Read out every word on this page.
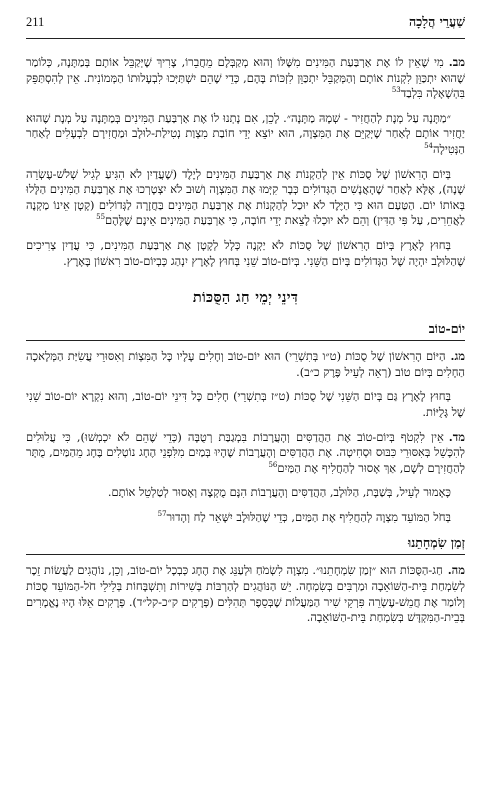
שַׁעֲרֵי הֲלָכָה
211

מב.מִי שֶׁאֵין לוֹ אֶת אַרְבַּעַת הַמִּינִים מִשֶּׁלּוֹ וְהוּא מְקַבְּלָם מֵחֲבֵרוֹ, צָרִיךְ שֶׁיְּקַבֵּל אוֹתָם בְּמַתָּנָה, כְּלוֹמַר שֶׁהוּא יִתְכַּוֵּן לִקְנוֹת אוֹתָם וְהַמְּקַבֵּל יִתְכַּוֵּן לִזְכּוֹת בָּהֶם, כְּדֵי שֶׁהֵם יִשְׁתַּיְּכוּ לִבְעָלוּתוֹ הַמְּמוֹנִית. אֵין לְהִסְתַּפֵּק בִּהְשָׁאָלָה בִּלְבַד$^{53}$

״מַתָּנָה עַל מְנָת לְהַחֲזִיר - שְׁמָהּ מַתָּנָה״. לָכֵן, אִם נָתְנוּ לוֹ אֶת אַרְבַּעַת הַמִּינִים בְּמַתָּנָה עַל מְנָת שֶׁהוּא יַחֲזִיר אוֹתָם לְאַחַר שֶׁיְּקַיֵּם אֶת הַמִּצְוָה, הוּא יוֹצֵא יְדֵי חוֹבַת מִצְוַת נְטִילַת-לוּלָב וּמַחֲזִירָם לִבְעָלִים לְאַחַר הַנְּטִילָה$^{54}$

בְּיוֹם הָרִאשׁוֹן שֶׁל סֻכּוֹת אֵין לְהַקְנוֹת אֶת אַרְבַּעַת הַמִּינִים לְיֶלֶד (שֶׁעֲדַיִן לֹא הִגִּיעַ לְגִיל שְׁלֹשׁ-עֶשְׂרֵה שָׁנָה), אֶלָּא לְאַחַר שֶׁהָאֲנָשִׁים הַגְּדוֹלִים כְּבָר קִיְּמוּ אֶת הַמִּצְוָה וְשׁוּב לֹא יִצְטָרְכוּ אֶת אַרְבַּעַת הַמִּינִים הַלָּלוּ בְּאוֹתוֹ יוֹם. הַטַּעַם הוּא כִּי הַיֶּלֶד לֹא יוּכַל לְהַקְנוֹת אֶת אַרְבַּעַת הַמִּינִים בַּחֲזָרָה לַגְּדוֹלִים (קָטָן אֵינוֹ מַקְנֶה לַאֲחֵרִים, עַל פִּי הַדִּין) וְהֵם לֹא יוּכְלוּ לָצֵאת יְדֵי חוֹבָה, כִּי אַרְבַּעַת הַמִּינִים אֵינָם שֶׁלָּהֶם$^{55}$

בְּחוּץ לָאָרֶץ בְּיוֹם הָרִאשׁוֹן שֶׁל סֻכּוֹת לֹא יַקְנֶה כְּלָל לְקָטָן אֶת אַרְבַּעַת הַמִּינִים, כִּי עֲדַיִן צְרִיכִים שֶׁהַלּוּלָב יִהְיֶה שֶׁל הַגְּדוֹלִים בְּיוֹם הַשֵּׁנִי. בְּיוֹם-טוֹב שֵׁנִי בְּחוּץ לָאָרֶץ יִנְהַג כְּבְיוֹם-טוֹב רִאשׁוֹן בָּאָרֶץ.

דִּינֵי יְמֵי חַג הַסֻּכּוֹת
יוֹם-טוֹב

מג.הַיּוֹם הָרִאשׁוֹן שֶׁל סֻכּוֹת (ט״ו בְּתִשְׁרֵי) הוּא יוֹם-טוֹב וְחָלִים עָלָיו כָּל הַמִּצְוֹת וְאִסּוּרֵי עֲשִׂיַּת הַמְּלָאכָה הַחָלִים בְּיוֹם טוֹב (רְאֵה לְעֵיל פֶּרֶק כ״ב).

בְּחוּץ לָאָרֶץ גַּם בְּיוֹם הַשֵּׁנִי שֶׁל סֻכּוֹת (ט״ז בְּתִשְׁרֵי) חָלִים כָּל דִּינֵי יוֹם-טוֹב, וְהוּא נִקְרָא יוֹם-טוֹב שֵׁנִי שֶׁל גָּלֻיּוֹת.

מד.אֵין לִקְטֹף בְּיוֹם-טוֹב אֶת הַהֲדַסִּים וְהָעֲרָבוֹת בִּמְגַבַּת רְטֻבָּה (כְּדֵי שֶׁהֵם לֹא יִכְמְשׁוּ), כִּי עֲלוּלִים לְהִכָּשֵׁל בְּאִסּוּרֵי כִּבּוּס וּסְחִיטָה. אֶת הַהֲדַסִּים וְהָעֲרָבוֹת שֶׁהָיוּ בְּמַיִם מִלִּפְנֵי הֶחָג נוֹטְלִים בֶּחָג מֵהַמַּיִם, מֻתָּר לְהַחֲזִירָם לְשָׁם, אַךְ אָסוּר לְהַחֲלִיף אֶת הַמַּיִם$^{56}$

כָּאָמוּר לְעֵיל, בְּשַׁבָּת, הַלּוּלָב, הַהֲדַסִּים וְהָעֲרָבוֹת הִנָּם מֻקְצֶה וְאָסוּר לְטַלְטֵל אוֹתָם.

בְּחֹל הַמּוֹעֵד מִצְוָה לְהַחֲלִיף אֶת הַמַּיִם, כְּדֵי שֶׁהַלּוּלָב יִשָּׁאֵר לַח וְהָדוּר$^{57}$

זְמַן שִׂמְחָתֵנוּ

מה.חַג-הַסֻּכּוֹת הוּא ״זְמַן שִׂמְחָתֵנוּ״. מִצְוָה לִשְׂמֹחַ וּלְעַנֵּג אֶת הֶחָג כְּבְכָל יוֹם-טוֹב, וְכֵן, נוֹהֲגִים לַעֲשׂוֹת זֵכֶר לְשִׂמְחַת בֵּית-הַשּׁוֹאֵבָה וּמַרְבִּים בְּשִׂמְחָה. יֵשׁ הַנּוֹהֲגִים לְהַרְבּוֹת בְּשִׁירוֹת וְתִשְׁבָּחוֹת בְּלֵילֵי חֹל-הַמּוֹעֵד סֻכּוֹת וְלוֹמַר אֶת חֲמֵשׁ-עֶשְׂרֵה פִּרְקֵי שִׁיר הַמַּעֲלוֹת שֶׁבְּסֵפֶר תְּהִלִּים (פְּרָקִים ק״כ-קל״ד). פְּרָקִים אֵלּוּ הָיוּ נֶאֱמָרִים בְּבֵית-הַמִּקְדָּשׁ בְּשִׂמְחַת בֵּית-הַשּׁוֹאֵבָה.
